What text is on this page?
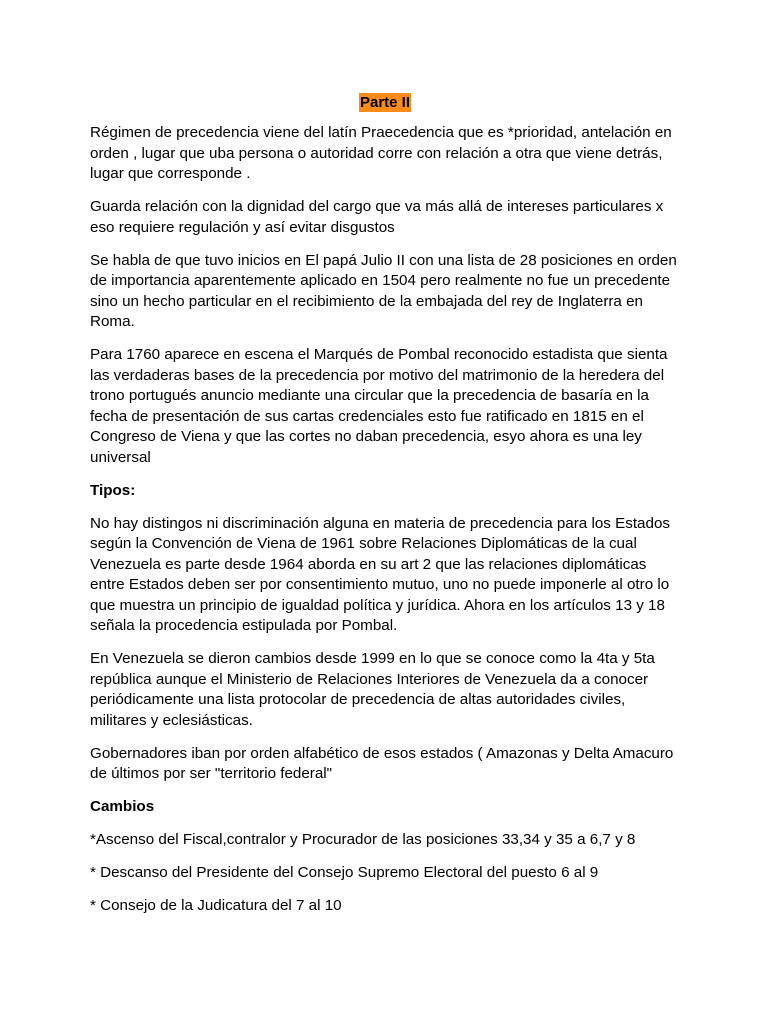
Parte II

Régimen de precedencia viene del latín Praecedencia que es *prioridad, antelación en orden , lugar que uba persona o autoridad corre con relación a otra que viene detrás, lugar que corresponde .

Guarda relación con la dignidad del cargo que va más allá de intereses particulares x eso requiere regulación y así evitar disgustos

Se habla de que tuvo inicios en El papá Julio II con una lista de 28 posiciones en orden de importancia aparentemente aplicado en 1504 pero realmente no fue un precedente sino un hecho particular en el recibimiento de la embajada del rey de Inglaterra en Roma.

Para 1760 aparece en escena el Marqués de Pombal reconocido estadista que sienta las verdaderas bases de la precedencia por motivo del matrimonio de la heredera del trono portugués anuncio mediante una circular que la precedencia de basaría en la fecha de presentación de sus cartas credenciales esto fue ratificado en 1815 en el Congreso de Viena y que las cortes no daban precedencia, esyo ahora es una ley universal

Tipos:

No hay distingos ni discriminación alguna en materia de precedencia para los Estados según la Convención de Viena de 1961 sobre Relaciones Diplomáticas de la cual Venezuela es parte desde 1964 aborda en su art 2 que las relaciones diplomáticas entre Estados deben ser por consentimiento mutuo, uno no puede imponerle al otro lo que muestra un principio de igualdad política y jurídica. Ahora en los artículos 13 y 18 señala la procedencia estipulada por Pombal.

En Venezuela se dieron cambios desde 1999 en lo que se conoce como la 4ta y 5ta república aunque el Ministerio de Relaciones Interiores de Venezuela da a conocer periódicamente una lista protocolar de precedencia de altas autoridades civiles, militares y eclesiásticas.

Gobernadores iban por orden alfabético de esos estados ( Amazonas y Delta Amacuro de últimos por ser "territorio federal"

Cambios

*Ascenso del Fiscal,contralor y Procurador de las posiciones 33,34 y 35 a 6,7 y 8

* Descanso del Presidente del Consejo Supremo Electoral del puesto 6 al 9

* Consejo de la Judicatura del 7 al 10
